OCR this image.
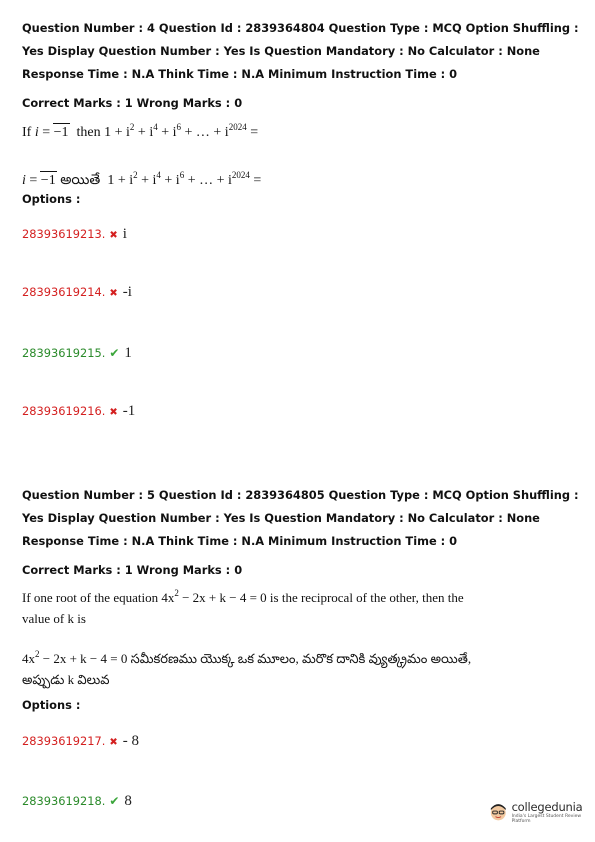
Question Number : 4 Question Id : 2839364804 Question Type : MCQ Option Shuffling : Yes Display Question Number : Yes Is Question Mandatory : No Calculator : None Response Time : N.A Think Time : N.A Minimum Instruction Time : 0
Correct Marks : 1 Wrong Marks : 0
If i = −1 then $1 + i^2 + i^4 + i^6$ + … + $i^{2024}$ =
i = −1 అయితే  $1 + i^2 + i^4 + i^6$ + … + $i^{2024}$ =
Options :
28393619213. ✖ i
28393619214. ✖ -i
28393619215. ✔ 1
28393619216. ✖ -1
Question Number : 5 Question Id : 2839364805 Question Type : MCQ Option Shuffling : Yes Display Question Number : Yes Is Question Mandatory : No Calculator : None Response Time : N.A Think Time : N.A Minimum Instruction Time : 0
Correct Marks : 1 Wrong Marks : 0
If one root of the equation $4x^2 - 2x + k - 4 = 0$ is the reciprocal of the other, then the
value of k is
$4x^2 - 2x + k - 4 = 0$ సమీకరణము యొక్క ఒక మూలం, మరొక దానికి వ్యుత్క్రమం అయితే,
అప్పుడు k విలువ
Options :
28393619217. ✖ - 8
28393619218. ✔ 8	collegedunia
India's Largest Student Review Platform
